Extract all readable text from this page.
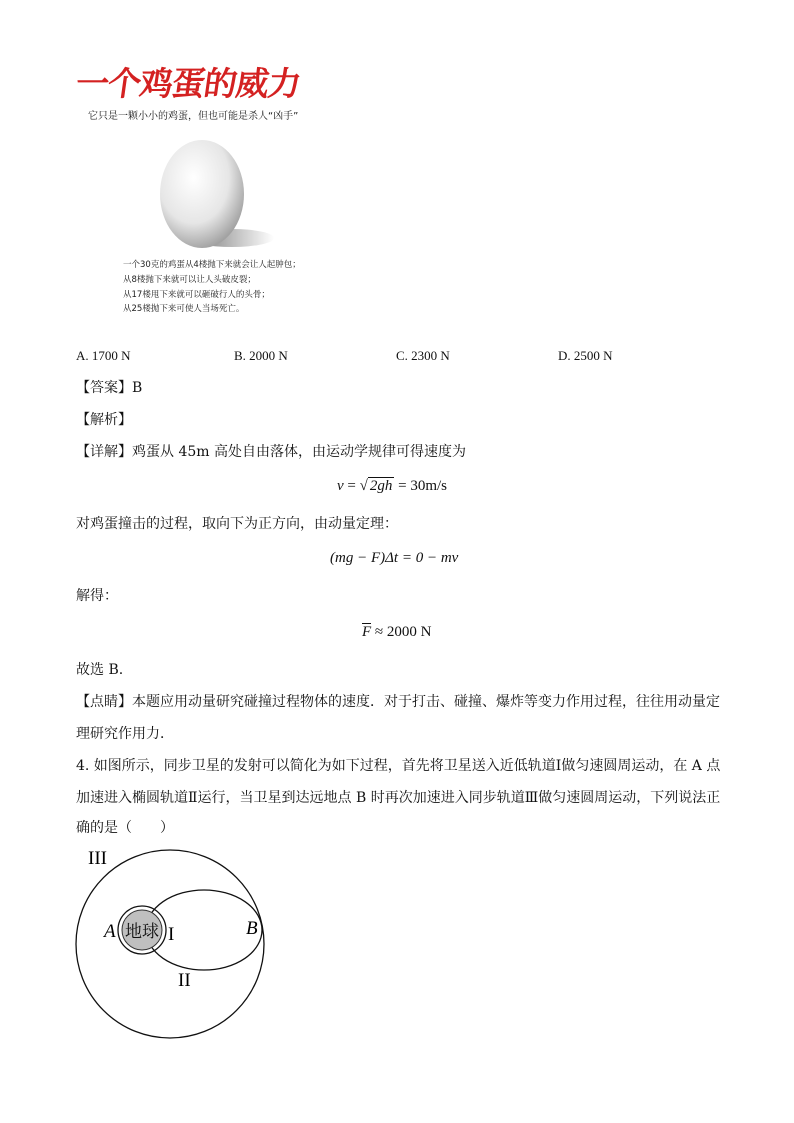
一个鸡蛋的威力
它只是一颗小小的鸡蛋，但也可能是杀人“凶手”
一个30克的鸡蛋从4楼抛下来就会让人起肿包；
从8楼抛下来就可以让人头破皮裂；
从17楼甩下来就可以砸破行人的头骨；
从25楼抛下来可使人当场死亡。
A. 1700 N	B. 2000 N	C. 2300 N	D. 2500 N
【答案】B
【解析】
【详解】鸡蛋从 45m 高处自由落体，由运动学规律可得速度为
v = √ 2gh = 30m/s
对鸡蛋撞击的过程，取向下为正方向，由动量定理：
(mg − F)Δt = 0 − mv
解得：
F ≈ 2000 N
故选 B.
【点睛】本题应用动量研究碰撞过程物体的速度．对于打击、碰撞、爆炸等变力作用过程，往往用动量定
理研究作用力．
4. 如图所示，同步卫星的发射可以简化为如下过程，首先将卫星送入近低轨道Ⅰ做匀速圆周运动，在 A 点
加速进入椭圆轨道Ⅱ运行，当卫星到达远地点 B 时再次加速进入同步轨道Ⅲ做匀速圆周运动，下列说法正
确的是（　　）
地球
III
I
II
A	B
